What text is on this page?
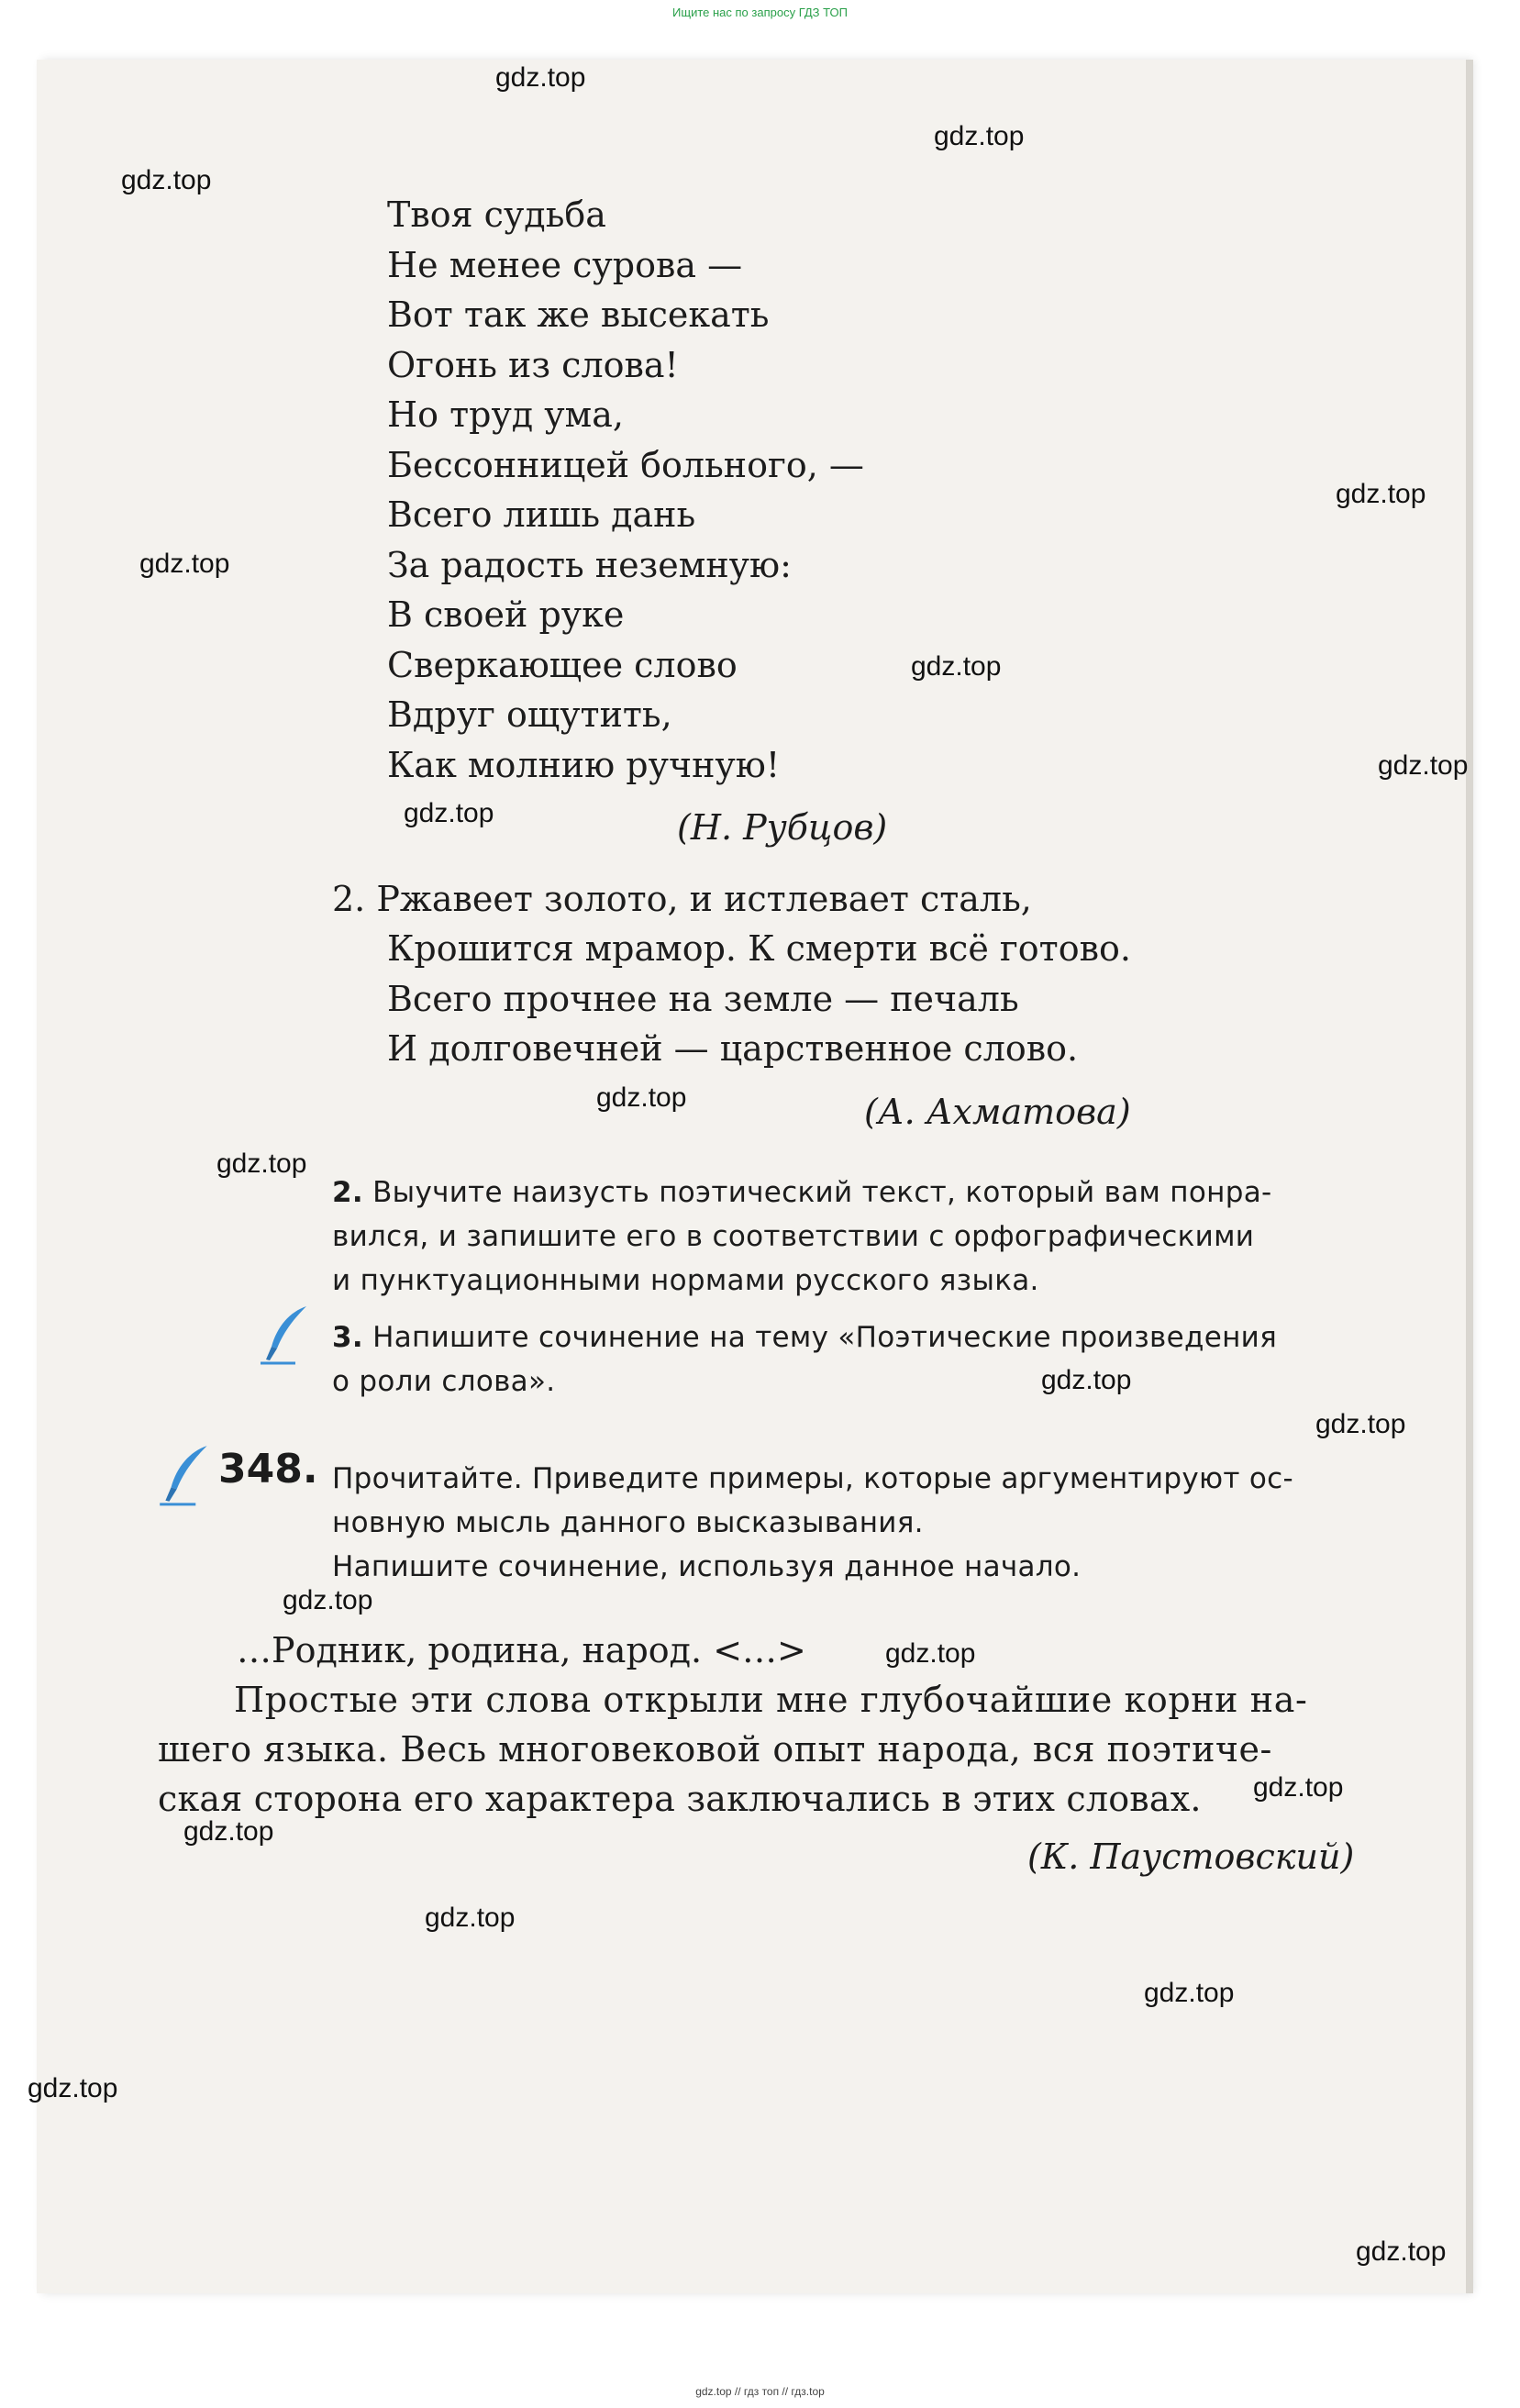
Ищите нас по запросу ГДЗ ТОП
Твоя судьба
Не менее сурова —
Вот так же высекать
Огонь из слова!
Но труд ума,
Бессонницей больного, —
Всего лишь дань
За радость неземную:
В своей руке
Сверкающее слово
Вдруг ощутить,
Как молнию ручную!
(Н. Рубцов)
2. Ржавеет золото, и истлевает сталь,
Крошится мрамор. К смерти всё готово.
Всего прочнее на земле — печаль
И долговечней — царственное слово.
(А. Ахматова)
2. Выучите наизусть поэтический текст, который вам понра-
вился, и запишите его в соответствии с орфографическими
и пунктуационными нормами русского языка.
3. Напишите сочинение на тему «Поэтические произведения
о роли слова».
348. Прочитайте. Приведите примеры, которые аргументируют ос-
новную мысль данного высказывания.
Напишите сочинение, используя данное начало.
…Родник, родина, народ. <…>
Простые эти слова открыли мне глубочайшие корни на-
шего языка. Весь многовековой опыт народа, вся поэтиче-
ская сторона его характера заключались в этих словах.
(К. Паустовский)
gdz.top
gdz.top
gdz.top
gdz.top
gdz.top
gdz.top
gdz.top
gdz.top
gdz.top
gdz.top
gdz.top
gdz.top
gdz.top
gdz.top
gdz.top
gdz.top
gdz.top
gdz.top
gdz.top
gdz.top
gdz.top // гдз топ // гдз.top
